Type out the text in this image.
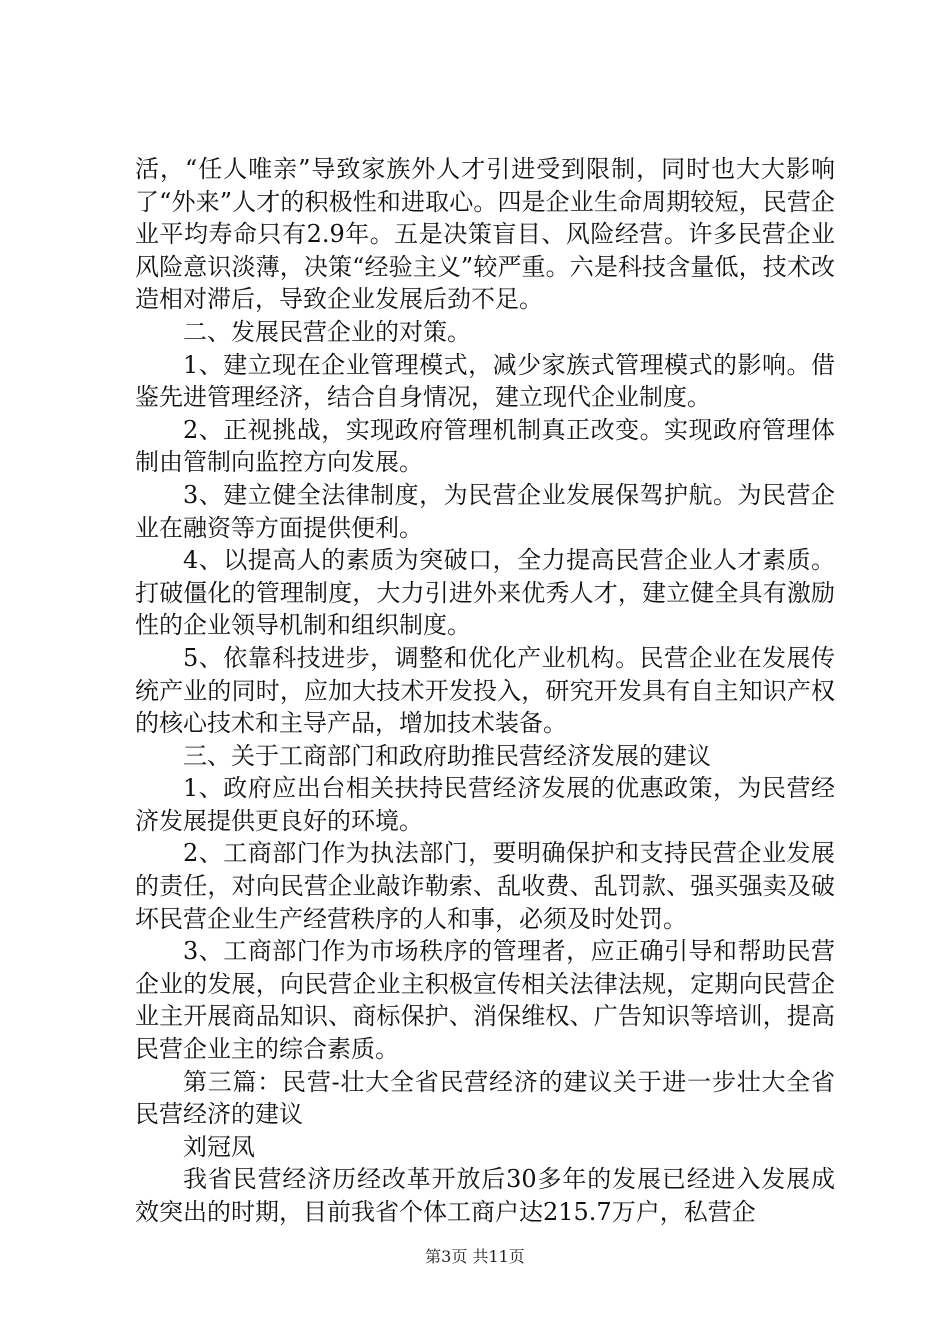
活，“任人唯亲”导致家族外人才引进受到限制，同时也大大影响了“外来”人才的积极性和进取心。四是企业生命周期较短，民营企业平均寿命只有2.9年。五是决策盲目、风险经营。许多民营企业风险意识淡薄，决策“经验主义”较严重。六是科技含量低，技术改造相对滞后，导致企业发展后劲不足。

二、发展民营企业的对策。

1、建立现在企业管理模式，减少家族式管理模式的影响。借鉴先进管理经济，结合自身情况，建立现代企业制度。

2、正视挑战，实现政府管理机制真正改变。实现政府管理体制由管制向监控方向发展。

3、建立健全法律制度，为民营企业发展保驾护航。为民营企业在融资等方面提供便利。

4、以提高人的素质为突破口，全力提高民营企业人才素质。打破僵化的管理制度，大力引进外来优秀人才，建立健全具有激励性的企业领导机制和组织制度。

5、依靠科技进步，调整和优化产业机构。民营企业在发展传统产业的同时，应加大技术开发投入，研究开发具有自主知识产权的核心技术和主导产品，增加技术装备。

三、关于工商部门和政府助推民营经济发展的建议

1、政府应出台相关扶持民营经济发展的优惠政策，为民营经济发展提供更良好的环境。

2、工商部门作为执法部门，要明确保护和支持民营企业发展的责任，对向民营企业敲诈勒索、乱收费、乱罚款、强买强卖及破坏民营企业生产经营秩序的人和事，必须及时处罚。

3、工商部门作为市场秩序的管理者，应正确引导和帮助民营企业的发展，向民营企业主积极宣传相关法律法规，定期向民营企业主开展商品知识、商标保护、消保维权、广告知识等培训，提高民营企业主的综合素质。

第三篇：民营-壮大全省民营经济的建议关于进一步壮大全省民营经济的建议

刘冠凤

我省民营经济历经改革开放后30多年的发展已经进入发展成效突出的时期，目前我省个体工商户达215.7万户，私营企

第3页 共11页
